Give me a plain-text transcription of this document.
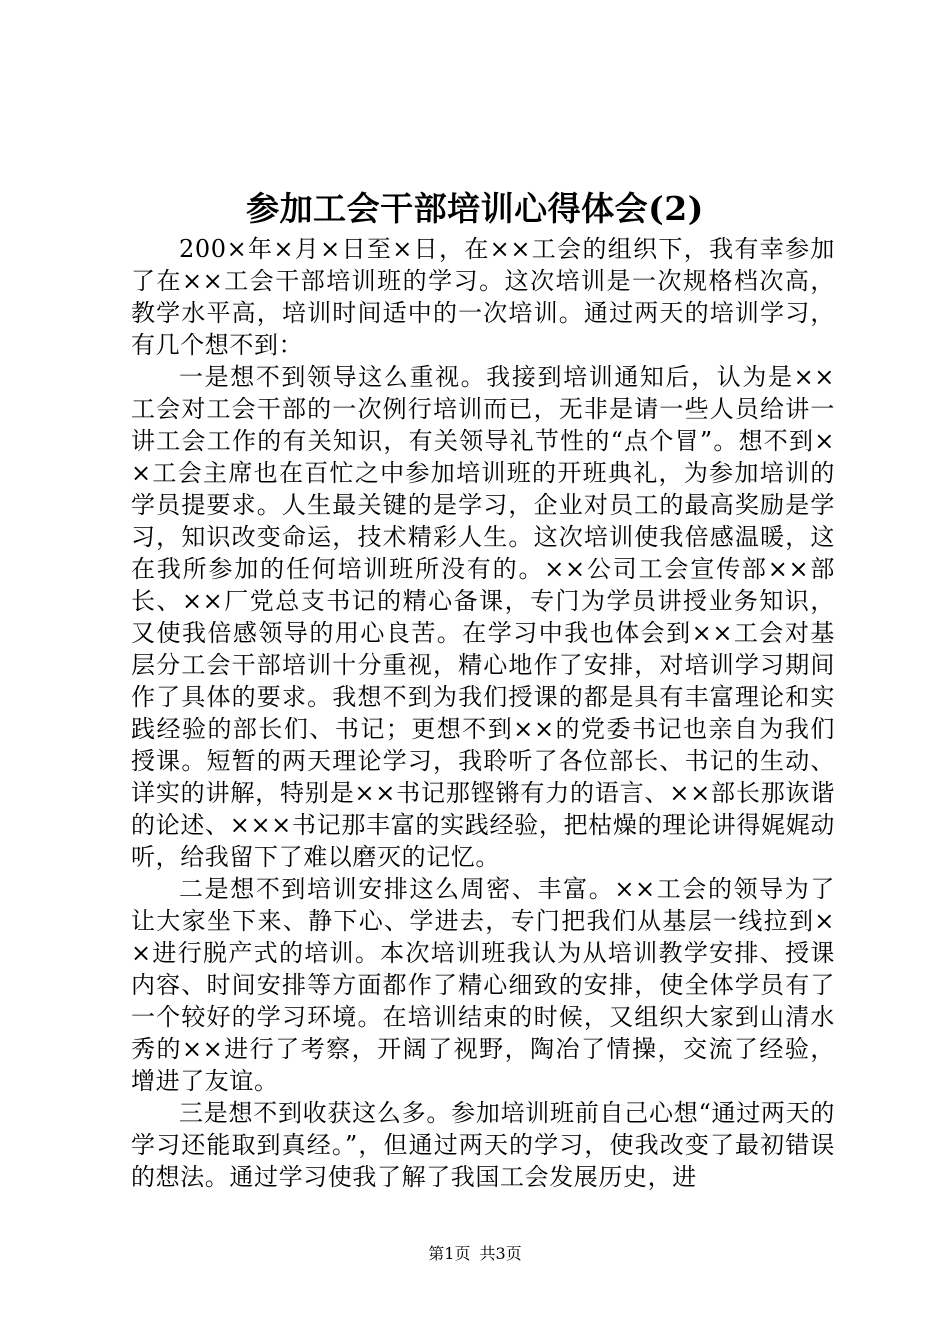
参加工会干部培训心得体会(2)

200×年×月×日至×日，在××工会的组织下，我有幸参加了在××工会干部培训班的学习。这次培训是一次规格档次高，教学水平高，培训时间适中的一次培训。通过两天的培训学习，有几个想不到：

一是想不到领导这么重视。我接到培训通知后，认为是××工会对工会干部的一次例行培训而已，无非是请一些人员给讲一讲工会工作的有关知识，有关领导礼节性的“点个冒”。想不到××工会主席也在百忙之中参加培训班的开班典礼，为参加培训的学员提要求。人生最关键的是学习，企业对员工的最高奖励是学习，知识改变命运，技术精彩人生。这次培训使我倍感温暖，这在我所参加的任何培训班所没有的。××公司工会宣传部××部长、××厂党总支书记的精心备课，专门为学员讲授业务知识，又使我倍感领导的用心良苦。在学习中我也体会到××工会对基层分工会干部培训十分重视，精心地作了安排，对培训学习期间作了具体的要求。我想不到为我们授课的都是具有丰富理论和实践经验的部长们、书记；更想不到××的党委书记也亲自为我们授课。短暂的两天理论学习，我聆听了各位部长、书记的生动、详实的讲解，特别是××书记那铿锵有力的语言、××部长那诙谐的论述、×××书记那丰富的实践经验，把枯燥的理论讲得娓娓动听，给我留下了难以磨灭的记忆。

二是想不到培训安排这么周密、丰富。××工会的领导为了让大家坐下来、静下心、学进去，专门把我们从基层一线拉到××进行脱产式的培训。本次培训班我认为从培训教学安排、授课内容、时间安排等方面都作了精心细致的安排，使全体学员有了一个较好的学习环境。在培训结束的时候，又组织大家到山清水秀的××进行了考察，开阔了视野，陶冶了情操，交流了经验，增进了友谊。

三是想不到收获这么多。参加培训班前自己心想“通过两天的学习还能取到真经。”，但通过两天的学习，使我改变了最初错误的想法。通过学习使我了解了我国工会发展历史，进

第1页 共3页
